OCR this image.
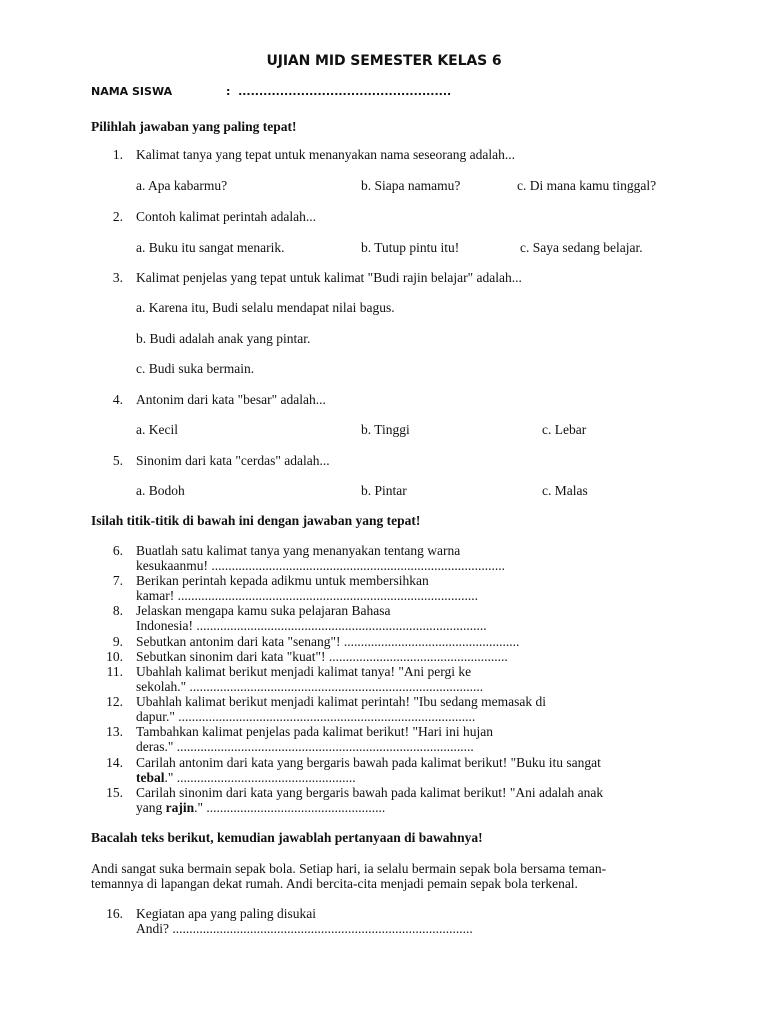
UJIAN MID SEMESTER KELAS 6
NAMA SISWA	: ...................................................
Pilihlah jawaban yang paling tepat!
1. Kalimat tanya yang tepat untuk menanyakan nama seseorang adalah...
a. Apa kabarmu?	b. Siapa namamu?	c. Di mana kamu tinggal?
2. Contoh kalimat perintah adalah...
a. Buku itu sangat menarik.	b. Tutup pintu itu!	c. Saya sedang belajar.
3. Kalimat penjelas yang tepat untuk kalimat "Budi rajin belajar" adalah...
a. Karena itu, Budi selalu mendapat nilai bagus.
b. Budi adalah anak yang pintar.
c. Budi suka bermain.
4. Antonim dari kata "besar" adalah...
a. Kecil	b. Tinggi	c. Lebar
5. Sinonim dari kata "cerdas" adalah...
a. Bodoh	b. Pintar	c. Malas
Isilah titik-titik di bawah ini dengan jawaban yang tepat!
6. Buatlah satu kalimat tanya yang menanyakan tentang warna
kesukaanmu! .......................................................................................
7. Berikan perintah kepada adikmu untuk membersihkan
kamar! .........................................................................................
8. Jelaskan mengapa kamu suka pelajaran Bahasa
Indonesia! ......................................................................................
9. Sebutkan antonim dari kata "senang"! ....................................................
10. Sebutkan sinonim dari kata "kuat"! .....................................................
11. Ubahlah kalimat berikut menjadi kalimat tanya! "Ani pergi ke
sekolah." .......................................................................................
12. Ubahlah kalimat berikut menjadi kalimat perintah! "Ibu sedang memasak di
dapur." ........................................................................................
13. Tambahkan kalimat penjelas pada kalimat berikut! "Hari ini hujan
deras." ........................................................................................
14. Carilah antonim dari kata yang bergaris bawah pada kalimat berikut! "Buku itu sangat
tebal." .....................................................
15. Carilah sinonim dari kata yang bergaris bawah pada kalimat berikut! "Ani adalah anak
yang rajin." .....................................................
Bacalah teks berikut, kemudian jawablah pertanyaan di bawahnya!
Andi sangat suka bermain sepak bola. Setiap hari, ia selalu bermain sepak bola bersama teman-
temannya di lapangan dekat rumah. Andi bercita-cita menjadi pemain sepak bola terkenal.
16. Kegiatan apa yang paling disukai
Andi? .........................................................................................
